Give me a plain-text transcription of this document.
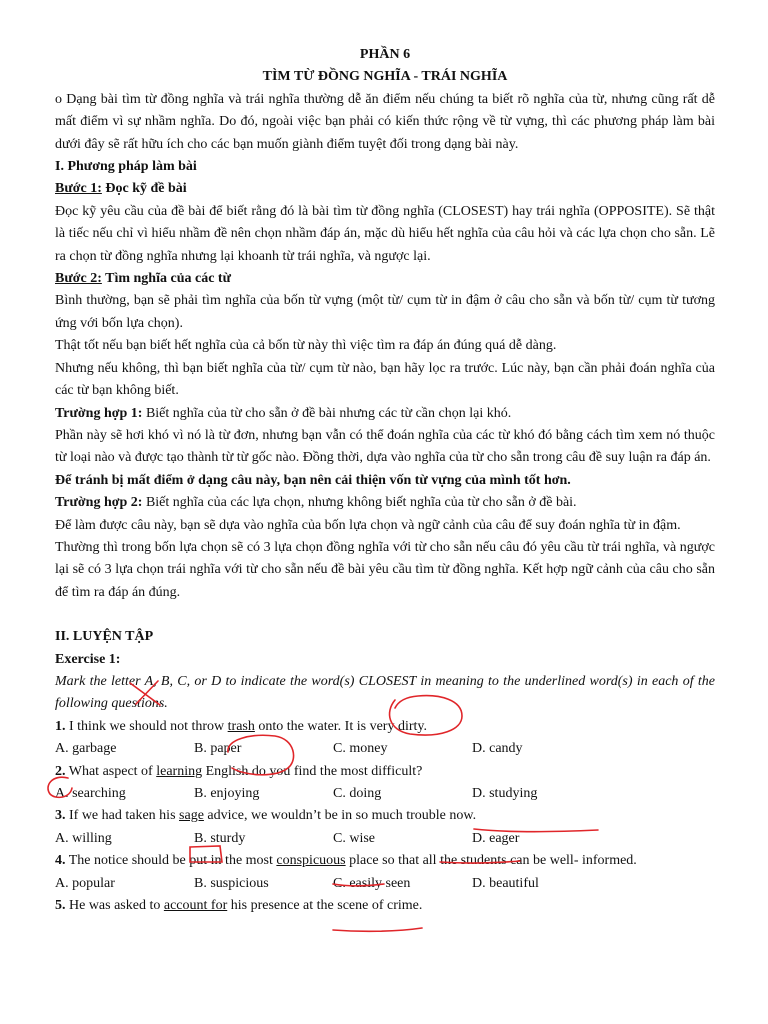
PHẦN 6
TÌM TỪ ĐỒNG NGHĨA - TRÁI NGHĨA

o Dạng bài tìm từ đồng nghĩa và trái nghĩa thường dễ ăn điểm nếu chúng ta biết rõ nghĩa của từ, nhưng cũng rất dễ mất điểm vì sự nhầm nghĩa. Do đó, ngoài việc bạn phải có kiến thức rộng về từ vựng, thì các phương pháp làm bài dưới đây sẽ rất hữu ích cho các bạn muốn giành điểm tuyệt đối trong dạng bài này.

I. Phương pháp làm bài

Bước 1: Đọc kỹ đề bài

Đọc kỹ yêu cầu của đề bài để biết rằng đó là bài tìm từ đồng nghĩa (CLOSEST) hay trái nghĩa (OPPOSITE). Sẽ thật là tiếc nếu chỉ vì hiểu nhầm đề nên chọn nhầm đáp án, mặc dù hiểu hết nghĩa của câu hỏi và các lựa chọn cho sẵn. Lẽ ra chọn từ đồng nghĩa nhưng lại khoanh từ trái nghĩa, và ngược lại.

Bước 2: Tìm nghĩa của các từ

Bình thường, bạn sẽ phải tìm nghĩa của bốn từ vựng (một từ/ cụm từ in đậm ở câu cho sẵn và bốn từ/ cụm từ tương ứng với bốn lựa chọn).

Thật tốt nếu bạn biết hết nghĩa của cả bốn từ này thì việc tìm ra đáp án đúng quá dễ dàng.

Nhưng nếu không, thì bạn biết nghĩa của từ/ cụm từ nào, bạn hãy lọc ra trước. Lúc này, bạn cần phải đoán nghĩa của các từ bạn không biết.

Trường hợp 1: Biết nghĩa của từ cho sẵn ở đề bài nhưng các từ cần chọn lại khó.

Phần này sẽ hơi khó vì nó là từ đơn, nhưng bạn vẫn có thể đoán nghĩa của các từ khó đó bằng cách tìm xem nó thuộc từ loại nào và được tạo thành từ từ gốc nào. Đồng thời, dựa vào nghĩa của từ cho sẵn trong câu đề suy luận ra đáp án.

Để tránh bị mất điểm ở dạng câu này, bạn nên cải thiện vốn từ vựng của mình tốt hơn.

Trường hợp 2: Biết nghĩa của các lựa chọn, nhưng không biết nghĩa của từ cho sẵn ở đề bài.

Để làm được câu này, bạn sẽ dựa vào nghĩa của bốn lựa chọn và ngữ cảnh của câu để suy đoán nghĩa từ in đậm.

Thường thì trong bốn lựa chọn sẽ có 3 lựa chọn đồng nghĩa với từ cho sẵn nếu câu đó yêu cầu từ trái nghĩa, và ngược lại sẽ có 3 lựa chọn trái nghĩa với từ cho sẵn nếu đề bài yêu cầu tìm từ đồng nghĩa. Kết hợp ngữ cảnh của câu cho sẵn để tìm ra đáp án đúng.

II. LUYỆN TẬP

Exercise 1:

Mark the letter A, B, C, or D to indicate the word(s) CLOSEST in meaning to the underlined word(s) in each of the following questions.

1. I think we should not throw trash onto the water. It is very dirty.

A. garbage	B. paper	C. money	D. candy

2. What aspect of learning English do you find the most difficult?

A. searching	B. enjoying	C. doing	D. studying

3. If we had taken his sage advice, we wouldn’t be in so much trouble now.

A. willing	B. sturdy	C. wise	D. eager

4. The notice should be put in the most conspicuous place so that all the students can be well- informed.

A. popular	B. suspicious	C. easily seen	D. beautiful

5. He was asked to account for his presence at the scene of crime.
